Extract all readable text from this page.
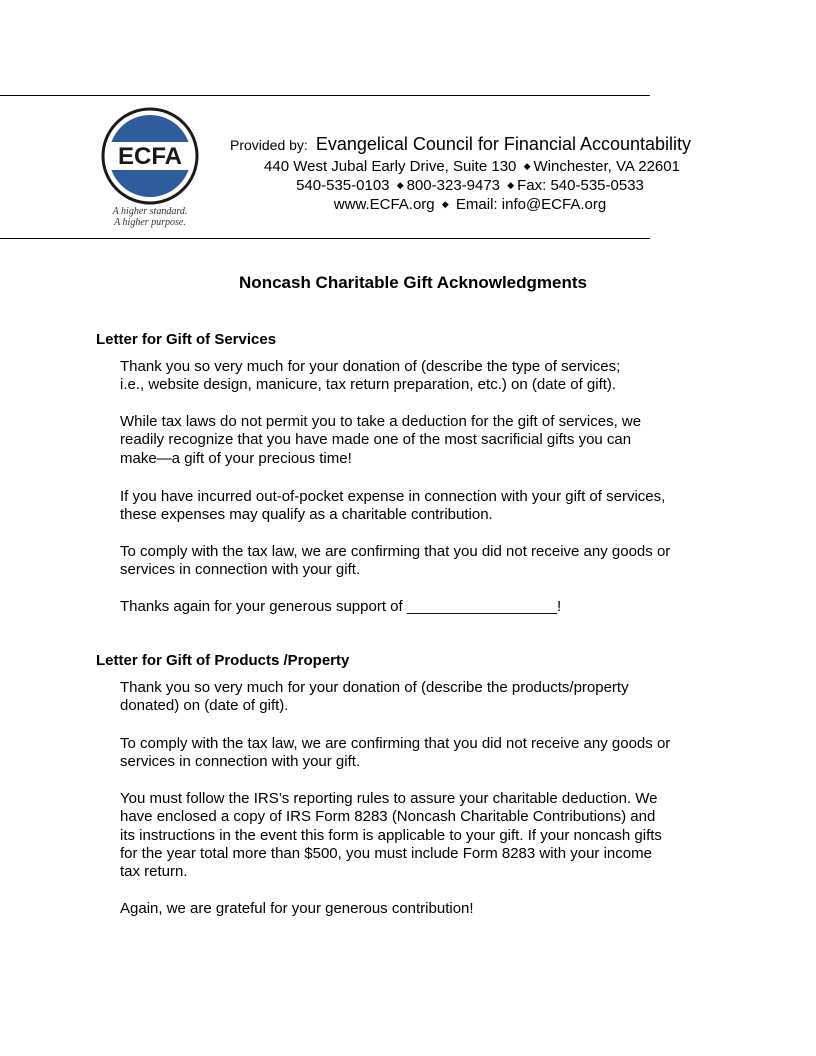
ECFA
A higher standard.
A higher purpose.
Provided by: Evangelical Council for Financial Accountability
440 West Jubal Early Drive, Suite 130 ◆ Winchester, VA 22601
540-535-0103 ◆ 800-323-9473 ◆ Fax: 540-535-0533
www.ECFA.org ◆ Email: info@ECFA.org
Noncash Charitable Gift Acknowledgments
Letter for Gift of Services

Thank you so very much for your donation of (describe the type of services;
i.e., website design, manicure, tax return preparation, etc.) on (date of gift).

While tax laws do not permit you to take a deduction for the gift of services, we
readily recognize that you have made one of the most sacrificial gifts you can
make—a gift of your precious time!

If you have incurred out-of-pocket expense in connection with your gift of services,
these expenses may qualify as a charitable contribution.

To comply with the tax law, we are confirming that you did not receive any goods or
services in connection with your gift.

Thanks again for your generous support of __________________!

Letter for Gift of Products /Property

Thank you so very much for your donation of (describe the products/property
donated) on (date of gift).

To comply with the tax law, we are confirming that you did not receive any goods or
services in connection with your gift.

You must follow the IRS’s reporting rules to assure your charitable deduction. We
have enclosed a copy of IRS Form 8283 (Noncash Charitable Contributions) and
its instructions in the event this form is applicable to your gift. If your noncash gifts
for the year total more than $500, you must include Form 8283 with your income
tax return.

Again, we are grateful for your generous contribution!
